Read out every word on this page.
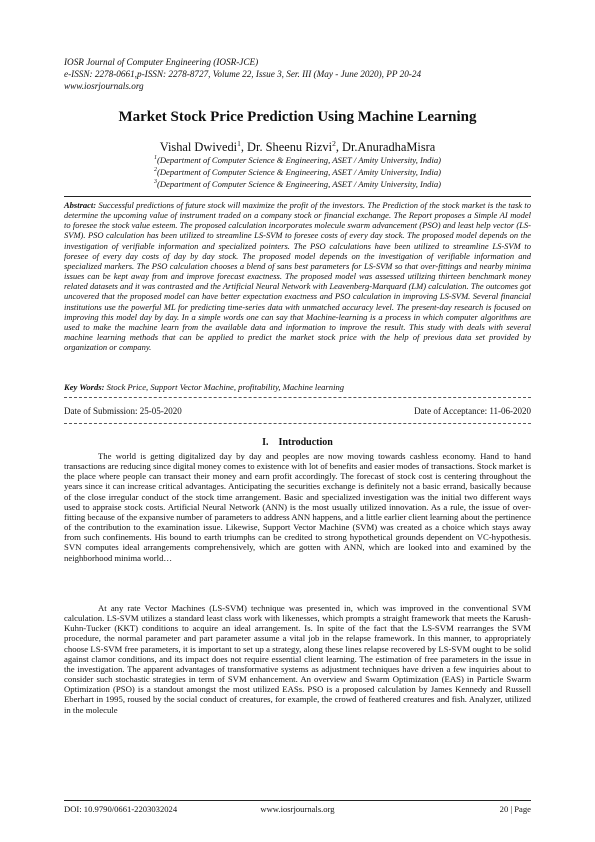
IOSR Journal of Computer Engineering (IOSR-JCE)
e-ISSN: 2278-0661,p-ISSN: 2278-8727, Volume 22, Issue 3, Ser. III (May - June 2020), PP 20-24
www.iosrjournals.org
Market Stock Price Prediction Using Machine Learning
Vishal Dwivedi$^1$, Dr. Sheenu Rizvi$^2$, Dr.AnuradhaMisra
$^1$(Department of Computer Science & Engineering, ASET / Amity University, India)
$^2$(Department of Computer Science & Engineering, ASET / Amity University, India)
$^3$(Department of Computer Science & Engineering, ASET / Amity University, India)
Abstract: Successful predictions of future stock will maximize the profit of the investors. The Prediction of the stock market is the task to determine the upcoming value of instrument traded on a company stock or financial exchange. The Report proposes a Simple AI model to foresee the stock value esteem. The proposed calculation incorporates molecule swarm advancement (PSO) and least help vector (LS-SVM). PSO calculation has been utilized to streamline LS-SVM to foresee costs of every day stock. The proposed model depends on the investigation of verifiable information and specialized pointers. The PSO calculations have been utilized to streamline LS-SVM to foresee of every day costs of day by day stock. The proposed model depends on the investigation of verifiable information and specialized markers. The PSO calculation chooses a blend of sans best parameters for LS-SVM so that over-fittings and nearby minima issues can be kept away from and improve forecast exactness. The proposed model was assessed utilizing thirteen benchmark money related datasets and it was contrasted and the Artificial Neural Network with Leavenberg-Marquard (LM) calculation. The outcomes got uncovered that the proposed model can have better expectation exactness and PSO calculation in improving LS-SVM. Several financial institutions use the powerful ML for predicting time-series data with unmatched accuracy level. The present-day research is focused on improving this model day by day. In a simple words one can say that Machine-learning is a process in which computer algorithms are used to make the machine learn from the available data and information to improve the result. This study with deals with several machine learning methods that can be applied to predict the market stock price with the help of previous data set provided by organization or company.
Key Words: Stock Price, Support Vector Machine, profitability, Machine learning
Date of Submission: 25-05-2020	Date of Acceptance: 11-06-2020
I.    Introduction

The world is getting digitalized day by day and peoples are now moving towards cashless economy. Hand to hand transactions are reducing since digital money comes to existence with lot of benefits and easier modes of transactions. Stock market is the place where people can transact their money and earn profit accordingly. The forecast of stock cost is centering throughout the years since it can increase critical advantages. Anticipating the securities exchange is definitely not a basic errand, basically because of the close irregular conduct of the stock time arrangement. Basic and specialized investigation was the initial two different ways used to appraise stock costs. Artificial Neural Network (ANN) is the most usually utilized innovation. As a rule, the issue of over-fitting because of the expansive number of parameters to address ANN happens, and a little earlier client learning about the pertinence of the contribution to the examination issue. Likewise, Support Vector Machine (SVM) was created as a choice which stays away from such confinements. His bound to earth triumphs can be credited to strong hypothetical grounds dependent on VC-hypothesis. SVN computes ideal arrangements comprehensively, which are gotten with ANN, which are looked into and examined by the neighborhood minima world…

At any rate Vector Machines (LS-SVM) technique was presented in, which was improved in the conventional SVM calculation. LS-SVM utilizes a standard least class work with likenesses, which prompts a straight framework that meets the Karush-Kuhn-Tucker (KKT) conditions to acquire an ideal arrangement. Is. In spite of the fact that the LS-SVM rearranges the SVM procedure, the normal parameter and part parameter assume a vital job in the relapse framework. In this manner, to appropriately choose LS-SVM free parameters, it is important to set up a strategy, along these lines relapse recovered by LS-SVM ought to be solid against clamor conditions, and its impact does not require essential client learning. The estimation of free parameters in the issue in the investigation. The apparent advantages of transformative systems as adjustment techniques have driven a few inquiries about to consider such stochastic strategies in term of SVM enhancement. An overview and Swarm Optimization (EAS) in Particle Swarm Optimization (PSO) is a standout amongst the most utilized EASs. PSO is a proposed calculation by James Kennedy and Russell Eberhart in 1995, roused by the social conduct of creatures, for example, the crowd of feathered creatures and fish. Analyzer, utilized in the molecule

DOI: 10.9790/0661-2203032024	www.iosrjournals.org	20 | Page
